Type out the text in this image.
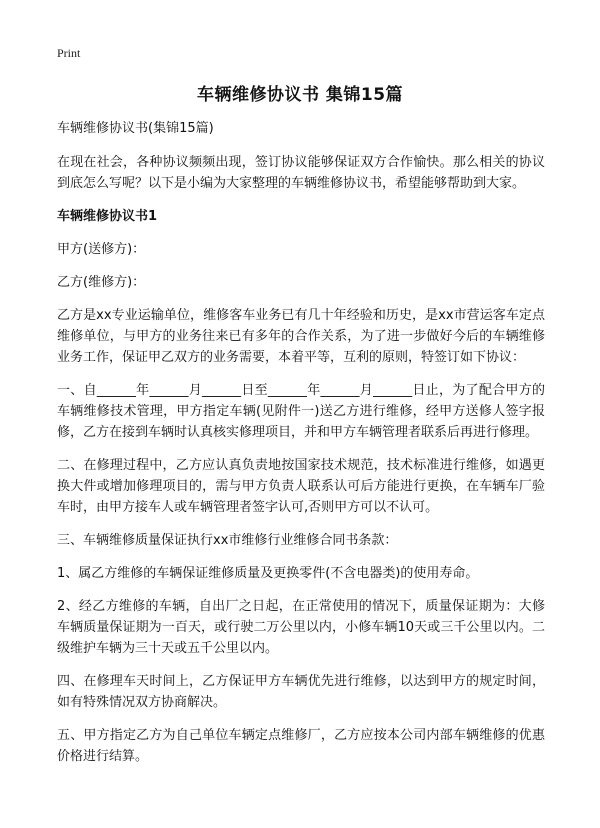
Print
车辆维修协议书 集锦15篇

车辆维修协议书(集锦15篇)

在现在社会，各种协议频频出现，签订协议能够保证双方合作愉快。那么相关的协议到底怎么写呢？以下是小编为大家整理的车辆维修协议书，希望能够帮助到大家。

车辆维修协议书1

甲方(送修方)：

乙方(维修方)：

乙方是xx专业运输单位，维修客车业务已有几十年经验和历史，是xx市营运客车定点维修单位，与甲方的业务往来已有多年的合作关系，为了进一步做好今后的车辆维修业务工作，保证甲乙双方的业务需要，本着平等，互利的原则，特签订如下协议：

一、自______年______月______日至______年______月______日止，为了配合甲方的车辆维修技术管理，甲方指定车辆(见附件一)送乙方进行维修，经甲方送修人签字报修，乙方在接到车辆时认真核实修理项目，并和甲方车辆管理者联系后再进行修理。

二、在修理过程中，乙方应认真负责地按国家技术规范，技术标准进行维修，如遇更换大件或增加修理项目的，需与甲方负责人联系认可后方能进行更换，在车辆车厂验车时，由甲方接车人或车辆管理者签字认可,否则甲方可以不认可。

三、车辆维修质量保证执行xx市维修行业维修合同书条款：

1、属乙方维修的车辆保证维修质量及更换零件(不含电器类)的使用寿命。

2、经乙方维修的车辆，自出厂之日起，在正常使用的情况下，质量保证期为：大修车辆质量保证期为一百天，或行驶二万公里以内，小修车辆10天或三千公里以内。二级维护车辆为三十天或五千公里以内。

四、在修理车天时间上，乙方保证甲方车辆优先进行维修，以达到甲方的规定时间，如有特殊情况双方协商解决。

五、甲方指定乙方为自己单位车辆定点维修厂，乙方应按本公司内部车辆维修的优惠价格进行结算。
